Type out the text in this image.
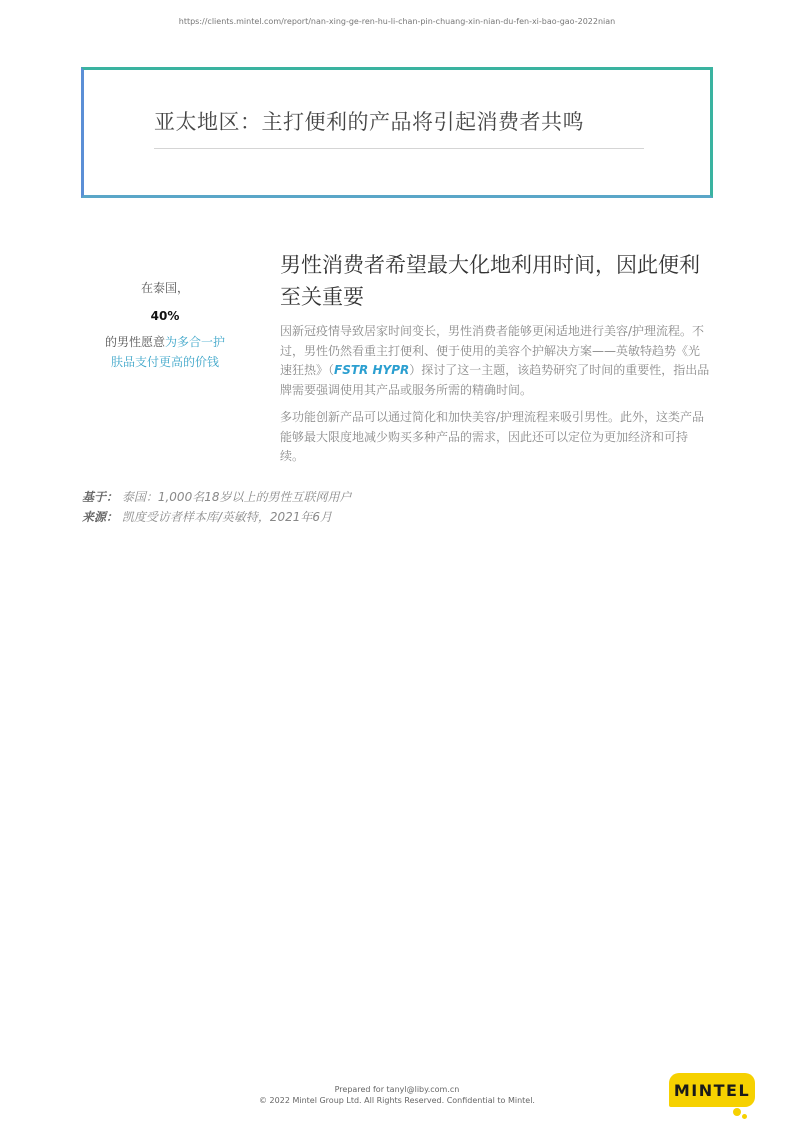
https://clients.mintel.com/report/nan-xing-ge-ren-hu-li-chan-pin-chuang-xin-nian-du-fen-xi-bao-gao-2022nian
亚太地区：主打便利的产品将引起消费者共鸣
在泰国，
40%
的男性愿意为多合一护
肤品支付更高的价钱
男性消费者希望最大化地利用时间，因此便利至关重要

因新冠疫情导致居家时间变长，男性消费者能够更闲适地进行美容/护理流程。不过，男性仍然看重主打便利、便于使用的美容个护解决方案——英敏特趋势《光速狂热》（FSTR HYPR）探讨了这一主题，该趋势研究了时间的重要性，指出品牌需要强调使用其产品或服务所需的精确时间。

多功能创新产品可以通过简化和加快美容/护理流程来吸引男性。此外，这类产品能够最大限度地减少购买多种产品的需求，因此还可以定位为更加经济和可持续。

基于： 泰国：1,000名18岁以上的男性互联网用户
来源： 凯度受访者样本库/英敏特，2021年6月
Prepared for tanyl@liby.com.cn
© 2022 Mintel Group Ltd. All Rights Reserved. Confidential to Mintel.
MINTEL
